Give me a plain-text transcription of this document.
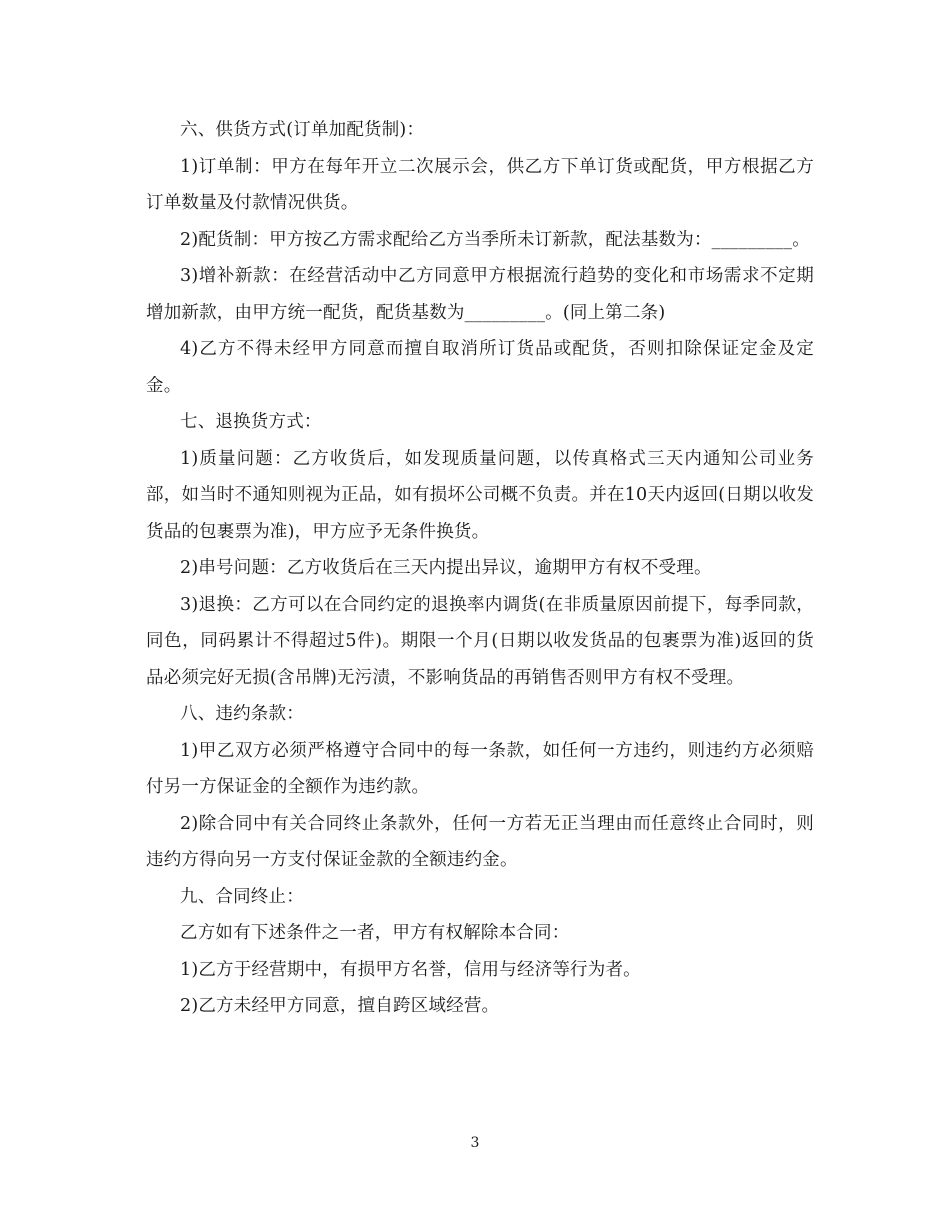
六、供货方式(订单加配货制)：

1)订单制：甲方在每年开立二次展示会，供乙方下单订货或配货，甲方根据乙方订单数量及付款情况供货。

2)配货制：甲方按乙方需求配给乙方当季所未订新款，配法基数为：_________。

3)增补新款：在经营活动中乙方同意甲方根据流行趋势的变化和市场需求不定期增加新款，由甲方统一配货，配货基数为_________。(同上第二条)

4)乙方不得未经甲方同意而擅自取消所订货品或配货，否则扣除保证定金及定金。

七、退换货方式：

1)质量问题：乙方收货后，如发现质量问题，以传真格式三天内通知公司业务部，如当时不通知则视为正品，如有损坏公司概不负责。并在10天内返回(日期以收发货品的包裹票为准)，甲方应予无条件换货。

2)串号问题：乙方收货后在三天内提出异议，逾期甲方有权不受理。

3)退换：乙方可以在合同约定的退换率内调货(在非质量原因前提下，每季同款，同色，同码累计不得超过5件)。期限一个月(日期以收发货品的包裹票为准)返回的货品必须完好无损(含吊牌)无污渍，不影响货品的再销售否则甲方有权不受理。

八、违约条款：

1)甲乙双方必须严格遵守合同中的每一条款，如任何一方违约，则违约方必须赔付另一方保证金的全额作为违约款。

2)除合同中有关合同终止条款外，任何一方若无正当理由而任意终止合同时，则违约方得向另一方支付保证金款的全额违约金。

九、合同终止：

乙方如有下述条件之一者，甲方有权解除本合同：

1)乙方于经营期中，有损甲方名誉，信用与经济等行为者。

2)乙方未经甲方同意，擅自跨区域经营。

3
